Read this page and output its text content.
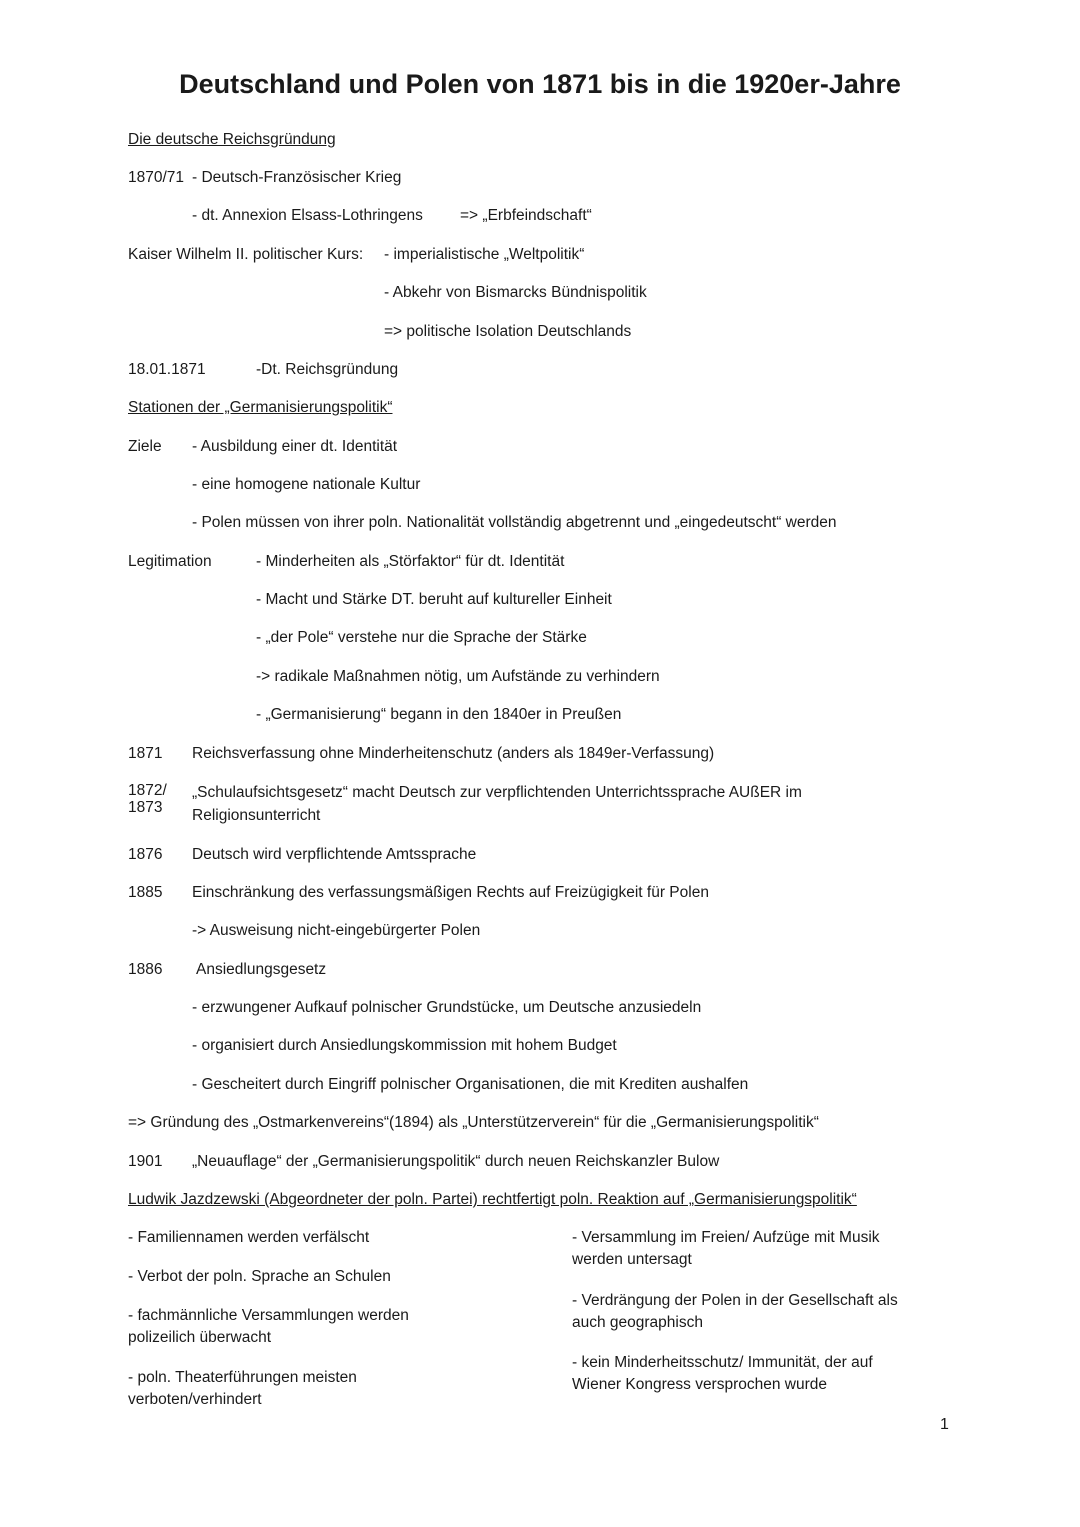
Deutschland und Polen von 1871 bis in die 1920er-Jahre
Die deutsche Reichsgründung
1870/71 - Deutsch-Französischer Krieg
- dt. Annexion Elsass-Lothringens => „Erbfeindschaft“
Kaiser Wilhelm II. politischer Kurs: - imperialistische „Weltpolitik“
- Abkehr von Bismarcks Bündnispolitik
=> politische Isolation Deutschlands
18.01.1871	-Dt. Reichsgründung
Stationen der „Germanisierungspolitik“
Ziele - Ausbildung einer dt. Identität
- eine homogene nationale Kultur
- Polen müssen von ihrer poln. Nationalität vollständig abgetrennt und „eingedeutscht“ werden
Legitimation	- Minderheiten als „Störfaktor“ für dt. Identität
- Macht und Stärke DT. beruht auf kultureller Einheit
- „der Pole“ verstehe nur die Sprache der Stärke
-> radikale Maßnahmen nötig, um Aufstände zu verhindern
- „Germanisierung“ begann in den 1840er in Preußen
1871 Reichsverfassung ohne Minderheitenschutz (anders als 1849er-Verfassung)
1872/
1873
„Schulaufsichtsgesetz“ macht Deutsch zur verpflichtenden Unterrichtssprache AUßER im
Religionsunterricht
1876 Deutsch wird verpflichtende Amtssprache
1885 Einschränkung des verfassungsmäßigen Rechts auf Freizügigkeit für Polen
-> Ausweisung nicht-eingebürgerter Polen
1886 Ansiedlungsgesetz
- erzwungener Aufkauf polnischer Grundstücke, um Deutsche anzusiedeln
- organisiert durch Ansiedlungskommission mit hohem Budget
- Gescheitert durch Eingriff polnischer Organisationen, die mit Krediten aushalfen
=> Gründung des „Ostmarkenvereins“(1894) als „Unterstützerverein“ für die „Germanisierungspolitik“
1901 „Neuauflage“ der „Germanisierungspolitik“ durch neuen Reichskanzler Bulow
Ludwik Jazdzewski (Abgeordneter der poln. Partei) rechtfertigt poln. Reaktion auf „Germanisierungspolitik“
- Familiennamen werden verfälscht
- Verbot der poln. Sprache an Schulen
- fachmännliche Versammlungen werden polizeilich überwacht
- poln. Theaterführungen meisten verboten/verhindert
- Versammlung im Freien/ Aufzüge mit Musik werden untersagt
- Verdrängung der Polen in der Gesellschaft als auch geographisch
- kein Minderheitsschutz/ Immunität, der auf Wiener Kongress versprochen wurde
1
